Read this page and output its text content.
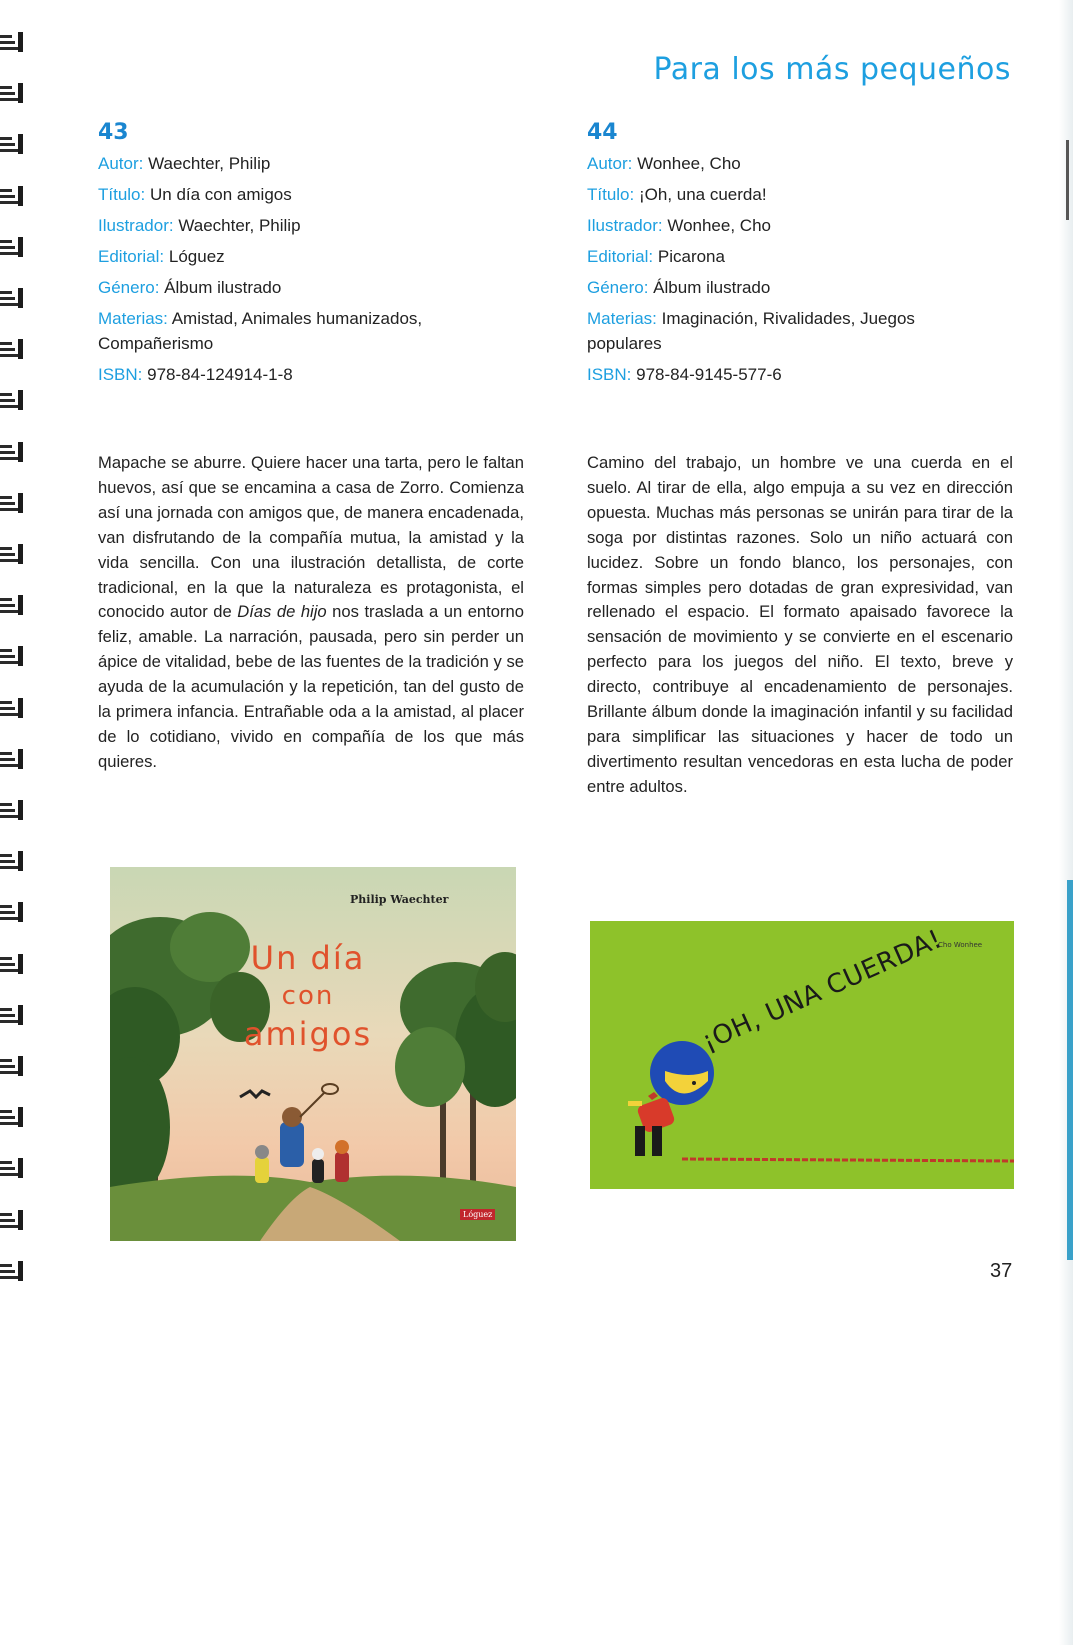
Para los más pequeños
43
Autor: Waechter, Philip
Título: Un día con amigos
Ilustrador: Waechter, Philip
Editorial: Lóguez
Género: Álbum ilustrado
Materias: Amistad, Animales humanizados, Compañerismo
ISBN: 978-84-124914-1-8
44
Autor: Wonhee, Cho
Título: ¡Oh, una cuerda!
Ilustrador: Wonhee, Cho
Editorial: Picarona
Género: Álbum ilustrado
Materias: Imaginación, Rivalidades, Juegos populares
ISBN: 978-84-9145-577-6
Mapache se aburre. Quiere hacer una tarta, pero le faltan huevos, así que se encamina a casa de Zorro. Comienza así una jornada con amigos que, de manera encadenada, van disfrutando de la compañía mutua, la amistad y la vida sencilla. Con una ilustración detallista, de corte tradicional, en la que la naturaleza es protagonista, el conocido autor de Días de hijo nos traslada a un entorno feliz, amable. La narración, pausada, pero sin perder un ápice de vitalidad, bebe de las fuentes de la tradición y se ayuda de la acumulación y la repetición, tan del gusto de la primera infancia. Entrañable oda a la amistad, al placer de lo cotidiano, vivido en compañía de los que más quieres.
Camino del trabajo, un hombre ve una cuerda en el suelo. Al tirar de ella, algo empuja a su vez en dirección opuesta. Muchas más personas se unirán para tirar de la soga por distintas razones. Solo un niño actuará con lucidez. Sobre un fondo blanco, los personajes, con formas simples pero dotadas de gran expresividad, van rellenado el espacio. El formato apaisado favorece la sensación de movimiento y se convierte en el escenario perfecto para los juegos del niño. El texto, breve y directo, contribuye al encadenamiento de personajes. Brillante álbum donde la imaginación infantil y su facilidad para simplificar las situaciones y hacer de todo un divertimento resultan vencedoras en esta lucha de poder entre adultos.
Philip Waechter
Un día
con
amigos
Lóguez
Cho Wonhee
¡OH, UNA CUERDA!
37
